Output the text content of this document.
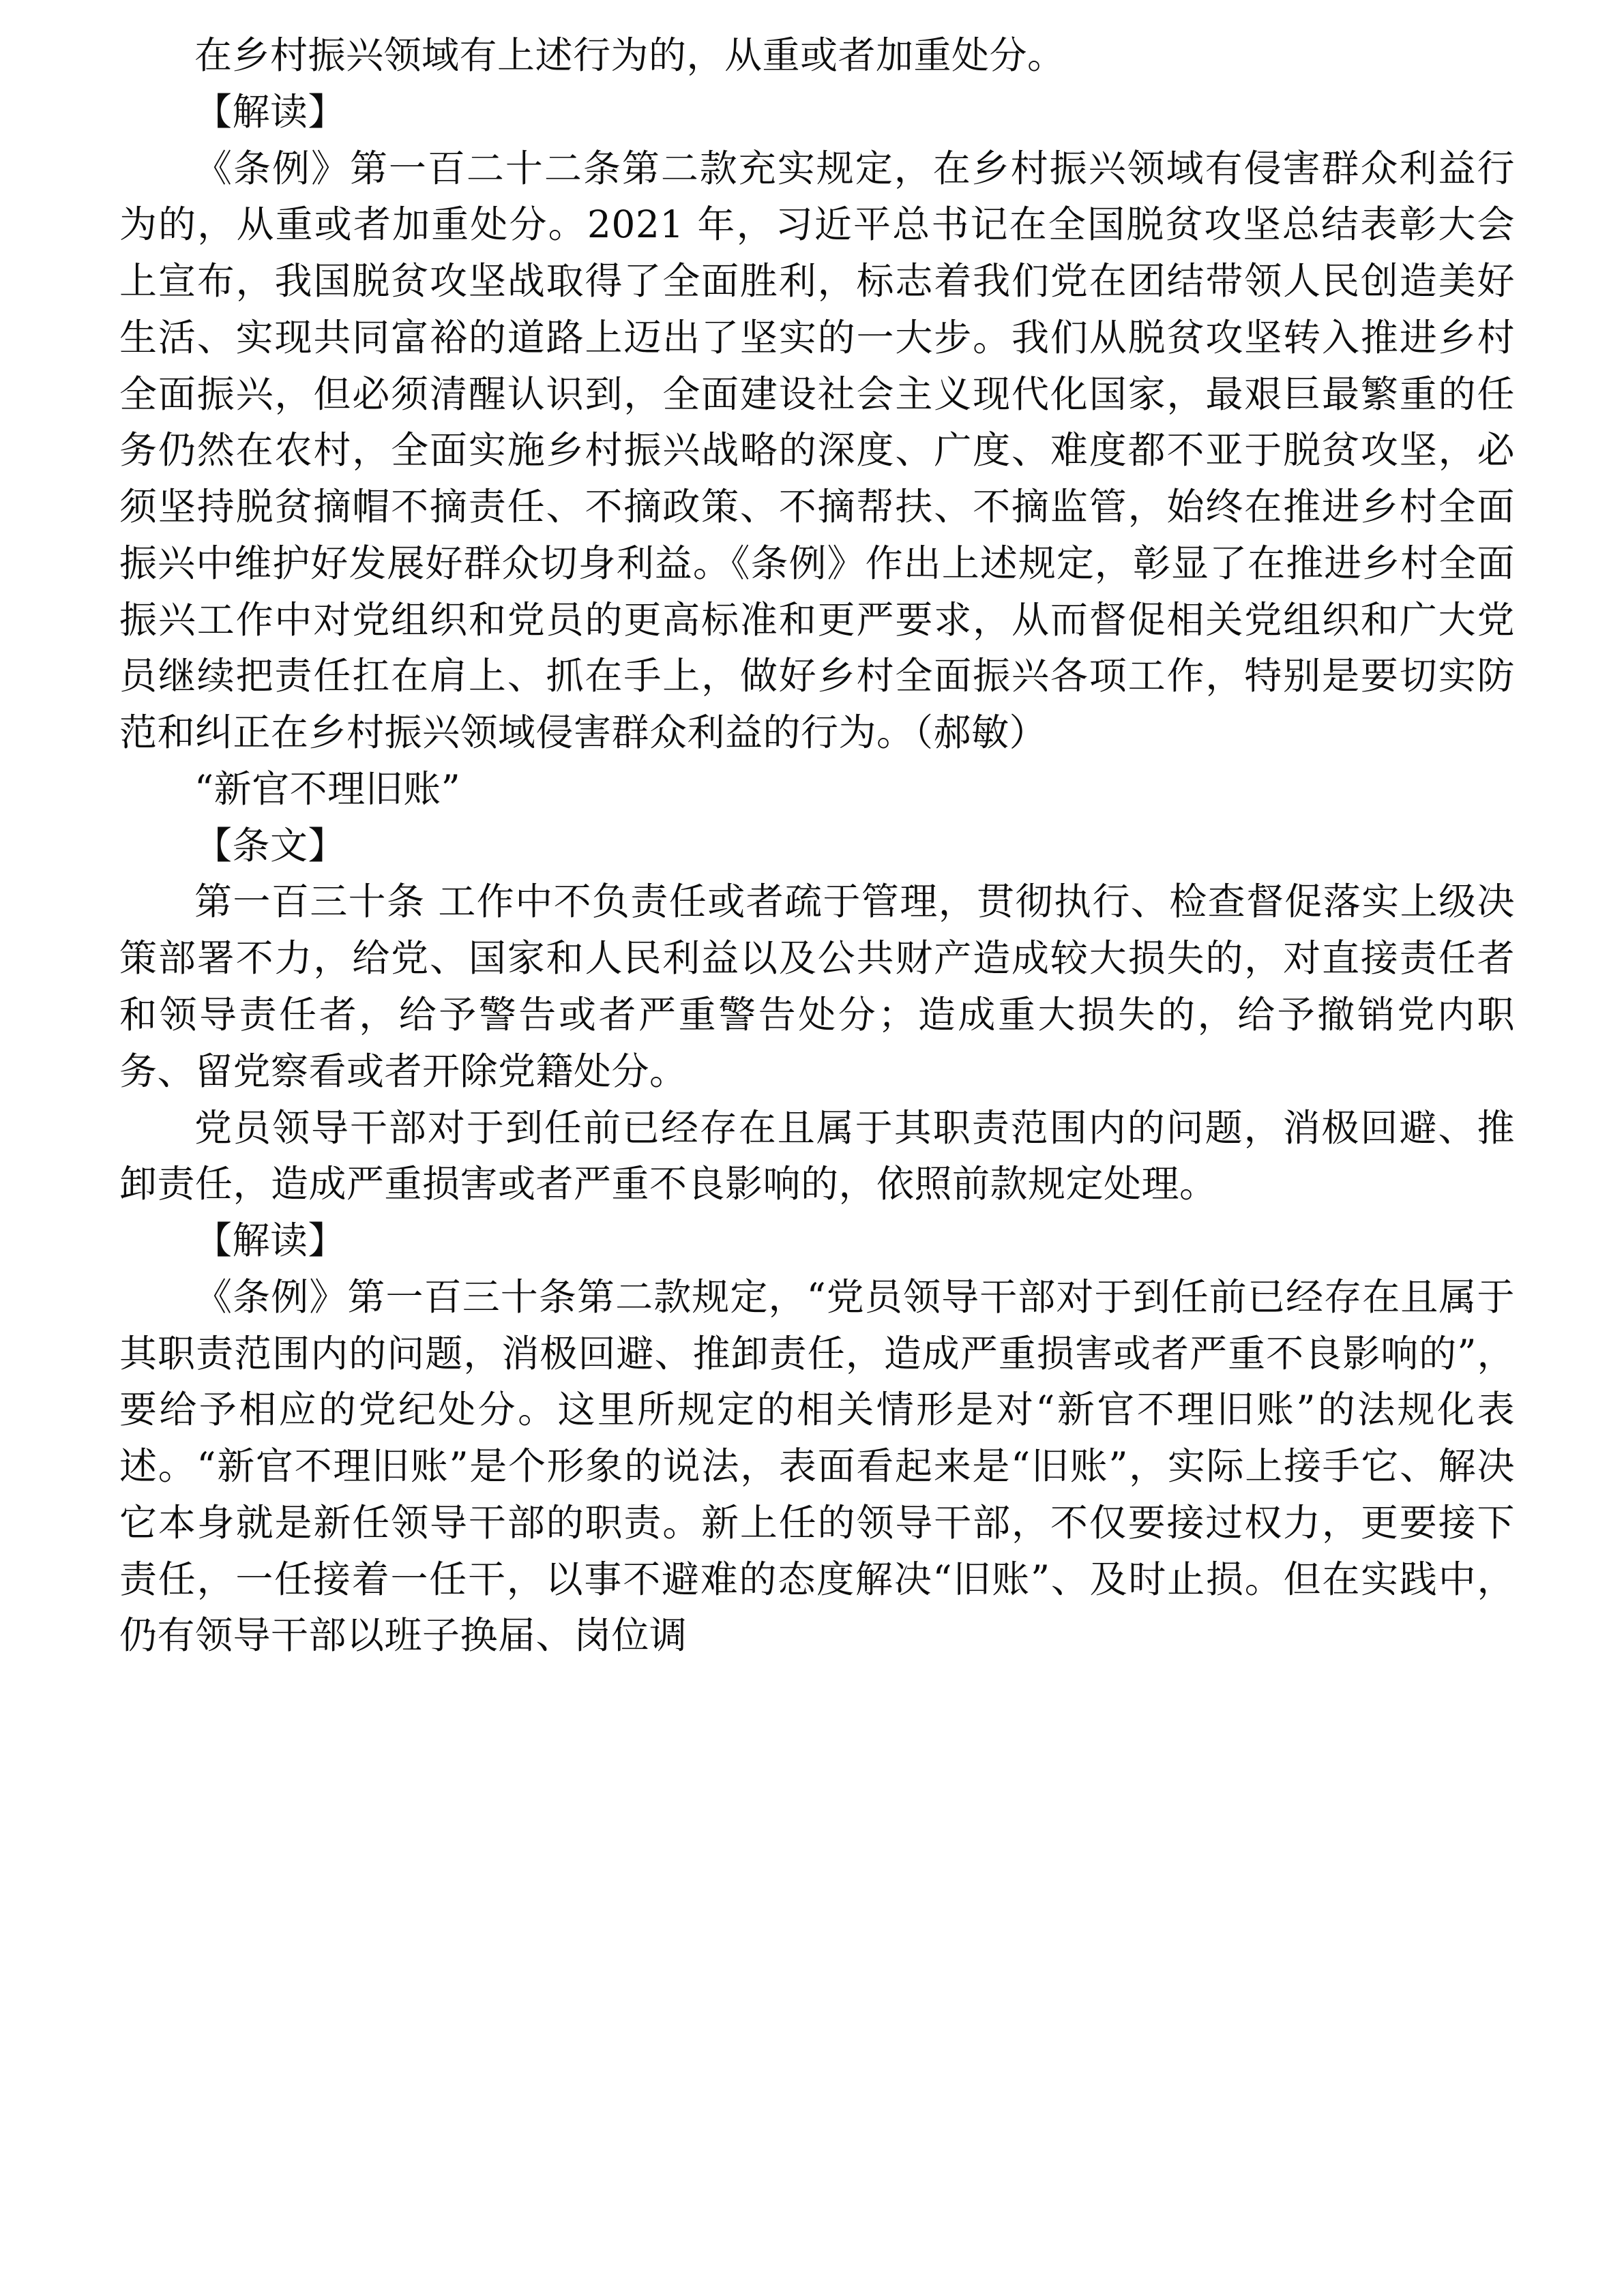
在乡村振兴领域有上述行为的，从重或者加重处分。

【解读】

《条例》第一百二十二条第二款充实规定，在乡村振兴领域有侵害群众利益行为的，从重或者加重处分。2021 年，习近平总书记在全国脱贫攻坚总结表彰大会上宣布，我国脱贫攻坚战取得了全面胜利，标志着我们党在团结带领人民创造美好生活、实现共同富裕的道路上迈出了坚实的一大步。我们从脱贫攻坚转入推进乡村全面振兴，但必须清醒认识到，全面建设社会主义现代化国家，最艰巨最繁重的任务仍然在农村，全面实施乡村振兴战略的深度、广度、难度都不亚于脱贫攻坚，必须坚持脱贫摘帽不摘责任、不摘政策、不摘帮扶、不摘监管，始终在推进乡村全面振兴中维护好发展好群众切身利益。《条例》作出上述规定，彰显了在推进乡村全面振兴工作中对党组织和党员的更高标准和更严要求，从而督促相关党组织和广大党员继续把责任扛在肩上、抓在手上，做好乡村全面振兴各项工作，特别是要切实防范和纠正在乡村振兴领域侵害群众利益的行为。（郝敏）

“新官不理旧账”

【条文】

第一百三十条 工作中不负责任或者疏于管理，贯彻执行、检查督促落实上级决策部署不力，给党、国家和人民利益以及公共财产造成较大损失的，对直接责任者和领导责任者，给予警告或者严重警告处分；造成重大损失的，给予撤销党内职务、留党察看或者开除党籍处分。

党员领导干部对于到任前已经存在且属于其职责范围内的问题，消极回避、推卸责任，造成严重损害或者严重不良影响的，依照前款规定处理。

【解读】

《条例》第一百三十条第二款规定，“党员领导干部对于到任前已经存在且属于其职责范围内的问题，消极回避、推卸责任，造成严重损害或者严重不良影响的”，要给予相应的党纪处分。这里所规定的相关情形是对“新官不理旧账”的法规化表述。“新官不理旧账”是个形象的说法，表面看起来是“旧账”，实际上接手它、解决它本身就是新任领导干部的职责。新上任的领导干部，不仅要接过权力，更要接下责任，一任接着一任干，以事不避难的态度解决“旧账”、及时止损。但在实践中，仍有领导干部以班子换届、岗位调
